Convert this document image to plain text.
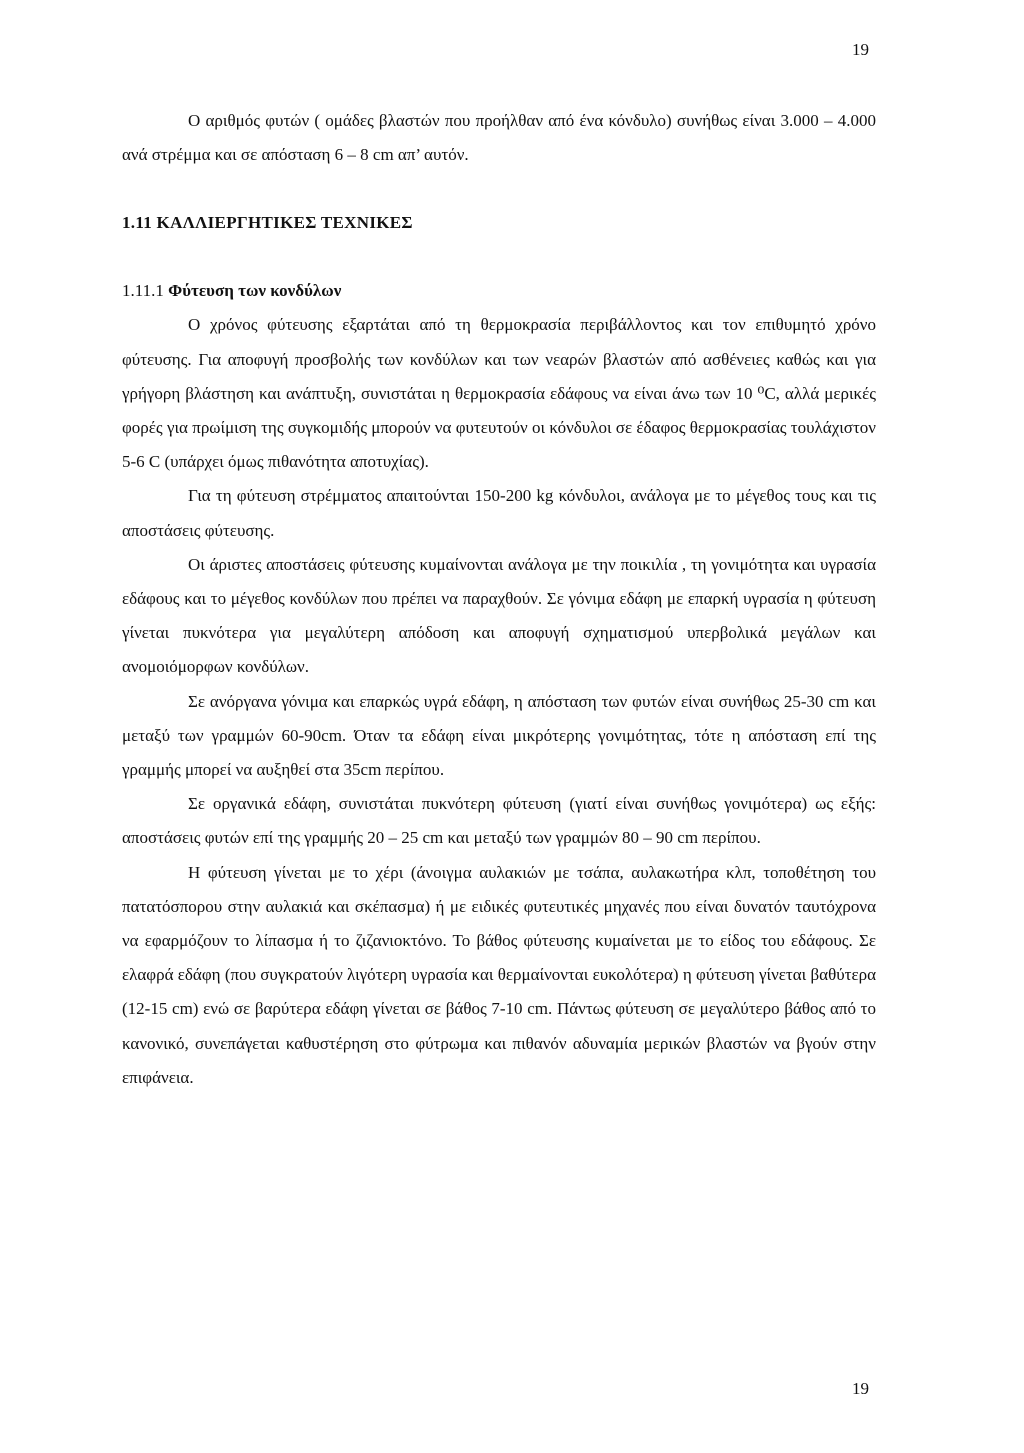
19

Ο αριθμός φυτών ( ομάδες βλαστών που προήλθαν από ένα κόνδυλο) συνήθως είναι 3.000 – 4.000 ανά στρέμμα και σε απόσταση 6 – 8 cm απ’ αυτόν.

1.11 ΚΑΛΛΙΕΡΓΗΤΙΚΕΣ ΤΕΧΝΙΚΕΣ
1.11.1 Φύτευση των κονδύλων

Ο χρόνος φύτευσης εξαρτάται από τη θερμοκρασία περιβάλλοντος και τον επιθυμητό χρόνο φύτευσης. Για αποφυγή προσβολής των κονδύλων και των νεαρών βλαστών από ασθένειες καθώς και για γρήγορη βλάστηση και ανάπτυξη, συνιστάται η θερμοκρασία εδάφους να είναι άνω των 10 ⁰C, αλλά μερικές φορές για πρωίμιση της συγκομιδής μπορούν να φυτευτούν οι κόνδυλοι σε έδαφος θερμοκρασίας τουλάχιστον 5-6 C (υπάρχει όμως πιθανότητα αποτυχίας).

Για τη φύτευση στρέμματος απαιτούνται 150-200 kg κόνδυλοι, ανάλογα με το μέγεθος τους και τις αποστάσεις φύτευσης.

Οι άριστες αποστάσεις φύτευσης κυμαίνονται ανάλογα με την ποικιλία , τη γονιμότητα και υγρασία εδάφους και το μέγεθος κονδύλων που πρέπει να παραχθούν. Σε γόνιμα εδάφη με επαρκή υγρασία η φύτευση γίνεται πυκνότερα για μεγαλύτερη απόδοση και αποφυγή σχηματισμού υπερβολικά μεγάλων και ανομοιόμορφων κονδύλων.

Σε ανόργανα γόνιμα και επαρκώς υγρά εδάφη, η απόσταση των φυτών είναι συνήθως 25-30 cm και μεταξύ των γραμμών 60-90cm. Όταν τα εδάφη είναι μικρότερης γονιμότητας, τότε η απόσταση επί της γραμμής μπορεί να αυξηθεί στα 35cm περίπου.

Σε οργανικά εδάφη, συνιστάται πυκνότερη φύτευση (γιατί είναι συνήθως γονιμότερα) ως εξής: αποστάσεις φυτών επί της γραμμής 20 – 25 cm και μεταξύ των γραμμών 80 – 90 cm περίπου.

Η φύτευση γίνεται με το χέρι (άνοιγμα αυλακιών με τσάπα, αυλακωτήρα κλπ, τοποθέτηση του πατατόσπορου στην αυλακιά και σκέπασμα) ή με ειδικές φυτευτικές μηχανές που είναι δυνατόν ταυτόχρονα να εφαρμόζουν το λίπασμα ή το ζιζανιοκτόνο. Το βάθος φύτευσης κυμαίνεται με το είδος του εδάφους. Σε ελαφρά εδάφη (που συγκρατούν λιγότερη υγρασία και θερμαίνονται ευκολότερα) η φύτευση γίνεται βαθύτερα (12-15 cm) ενώ σε βαρύτερα εδάφη γίνεται σε βάθος 7-10 cm. Πάντως φύτευση σε μεγαλύτερο βάθος από το κανονικό, συνεπάγεται καθυστέρηση στο φύτρωμα και πιθανόν αδυναμία μερικών βλαστών να βγούν στην επιφάνεια.

19
